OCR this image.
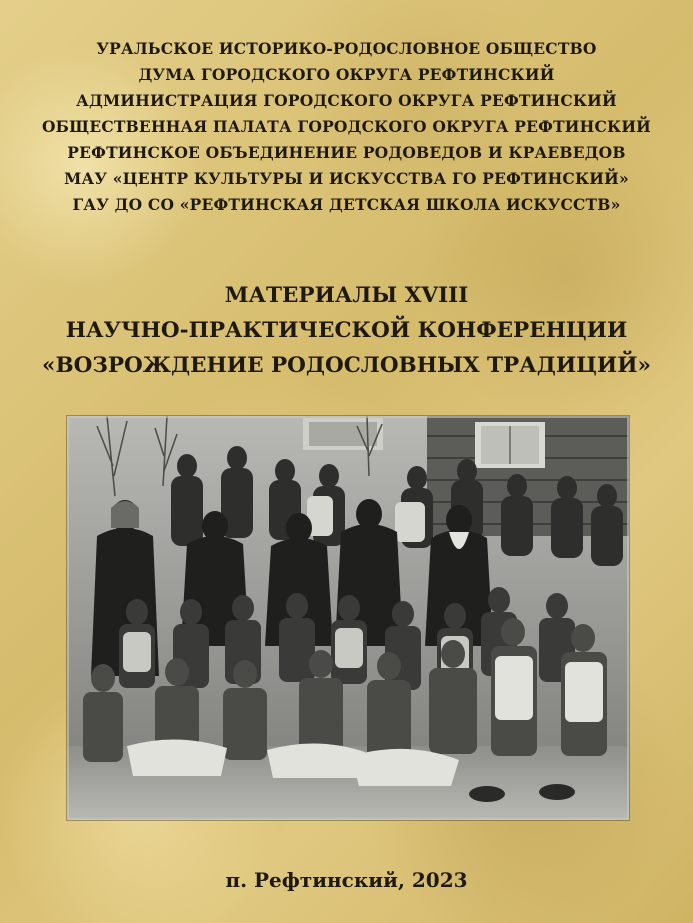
УРАЛЬСКОЕ ИСТОРИКО-РОДОСЛОВНОЕ ОБЩЕСТВО
ДУМА ГОРОДСКОГО ОКРУГА РЕФТИНСКИЙ
АДМИНИСТРАЦИЯ ГОРОДСКОГО ОКРУГА РЕФТИНСКИЙ
ОБЩЕСТВЕННАЯ ПАЛАТА ГОРОДСКОГО ОКРУГА РЕФТИНСКИЙ
РЕФТИНСКОЕ ОБЪЕДИНЕНИЕ РОДОВЕДОВ И КРАЕВЕДОВ
МАУ «ЦЕНТР КУЛЬТУРЫ И ИСКУССТВА ГО РЕФТИНСКИЙ»
ГАУ ДО СО «РЕФТИНСКАЯ ДЕТСКАЯ ШКОЛА ИСКУССТВ»
МАТЕРИАЛЫ XVIII
НАУЧНО-ПРАКТИЧЕСКОЙ КОНФЕРЕНЦИИ
«ВОЗРОЖДЕНИЕ РОДОСЛОВНЫХ ТРАДИЦИЙ»
п. Рефтинский, 2023
